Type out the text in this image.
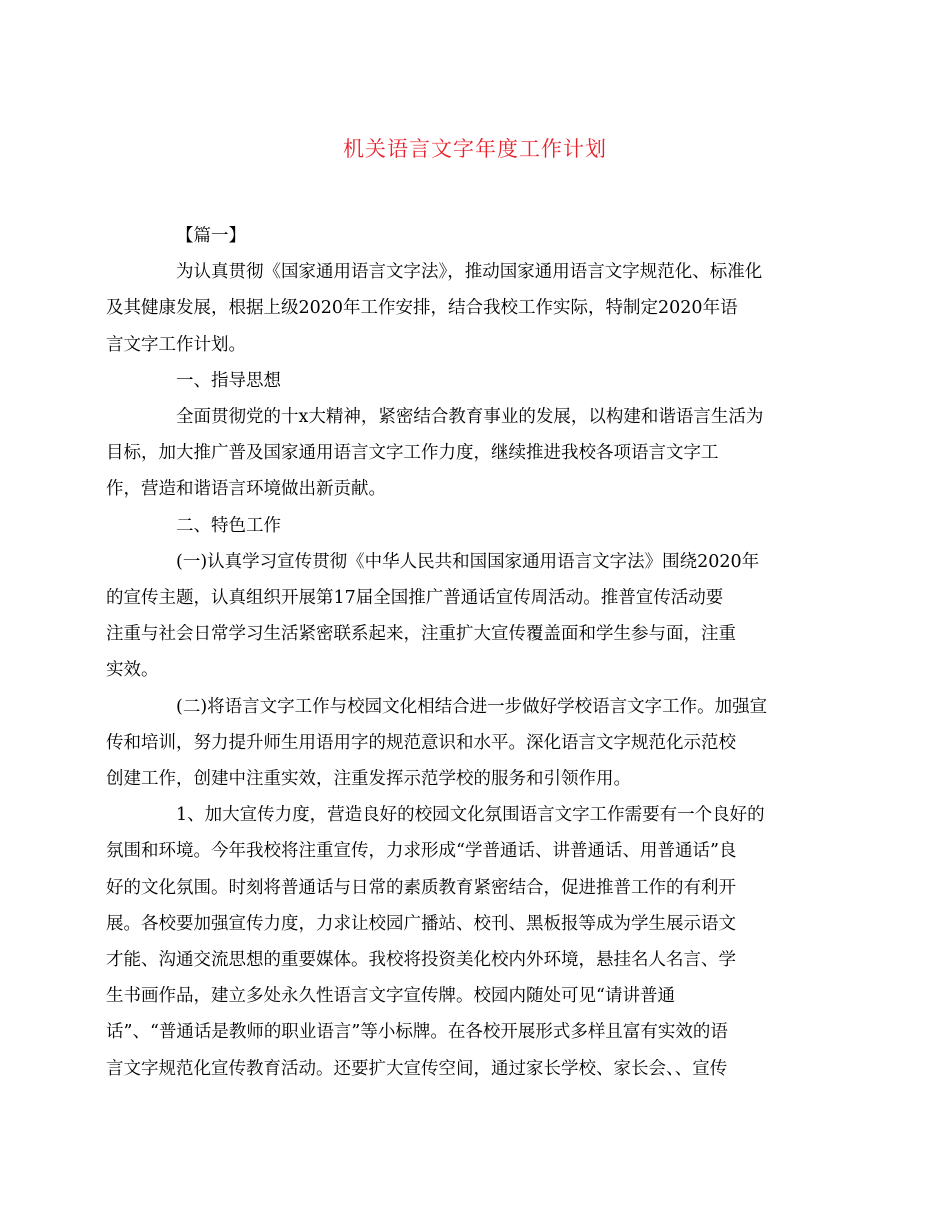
机关语言文字年度工作计划

【篇一】

为认真贯彻《国家通用语言文字法》，推动国家通用语言文字规范化、标准化
及其健康发展，根据上级2020年工作安排，结合我校工作实际，特制定2020年语
言文字工作计划。

一、指导思想

全面贯彻党的十x大精神，紧密结合教育事业的发展，以构建和谐语言生活为
目标，加大推广普及国家通用语言文字工作力度，继续推进我校各项语言文字工
作，营造和谐语言环境做出新贡献。

二、特色工作

(一)认真学习宣传贯彻《中华人民共和国国家通用语言文字法》围绕2020年
的宣传主题，认真组织开展第17届全国推广普通话宣传周活动。推普宣传活动要
注重与社会日常学习生活紧密联系起来，注重扩大宣传覆盖面和学生参与面，注重
实效。

(二)将语言文字工作与校园文化相结合进一步做好学校语言文字工作。加强宣
传和培训，努力提升师生用语用字的规范意识和水平。深化语言文字规范化示范校
创建工作，创建中注重实效，注重发挥示范学校的服务和引领作用。

1、加大宣传力度，营造良好的校园文化氛围语言文字工作需要有一个良好的
氛围和环境。今年我校将注重宣传，力求形成“学普通话、讲普通话、用普通话”良
好的文化氛围。时刻将普通话与日常的素质教育紧密结合，促进推普工作的有利开
展。各校要加强宣传力度，力求让校园广播站、校刊、黑板报等成为学生展示语文
才能、沟通交流思想的重要媒体。我校将投资美化校内外环境，悬挂名人名言、学
生书画作品，建立多处永久性语言文字宣传牌。校园内随处可见“请讲普通
话”、“普通话是教师的职业语言”等小标牌。在各校开展形式多样且富有实效的语
言文字规范化宣传教育活动。还要扩大宣传空间，通过家长学校、家长会、、宣传
